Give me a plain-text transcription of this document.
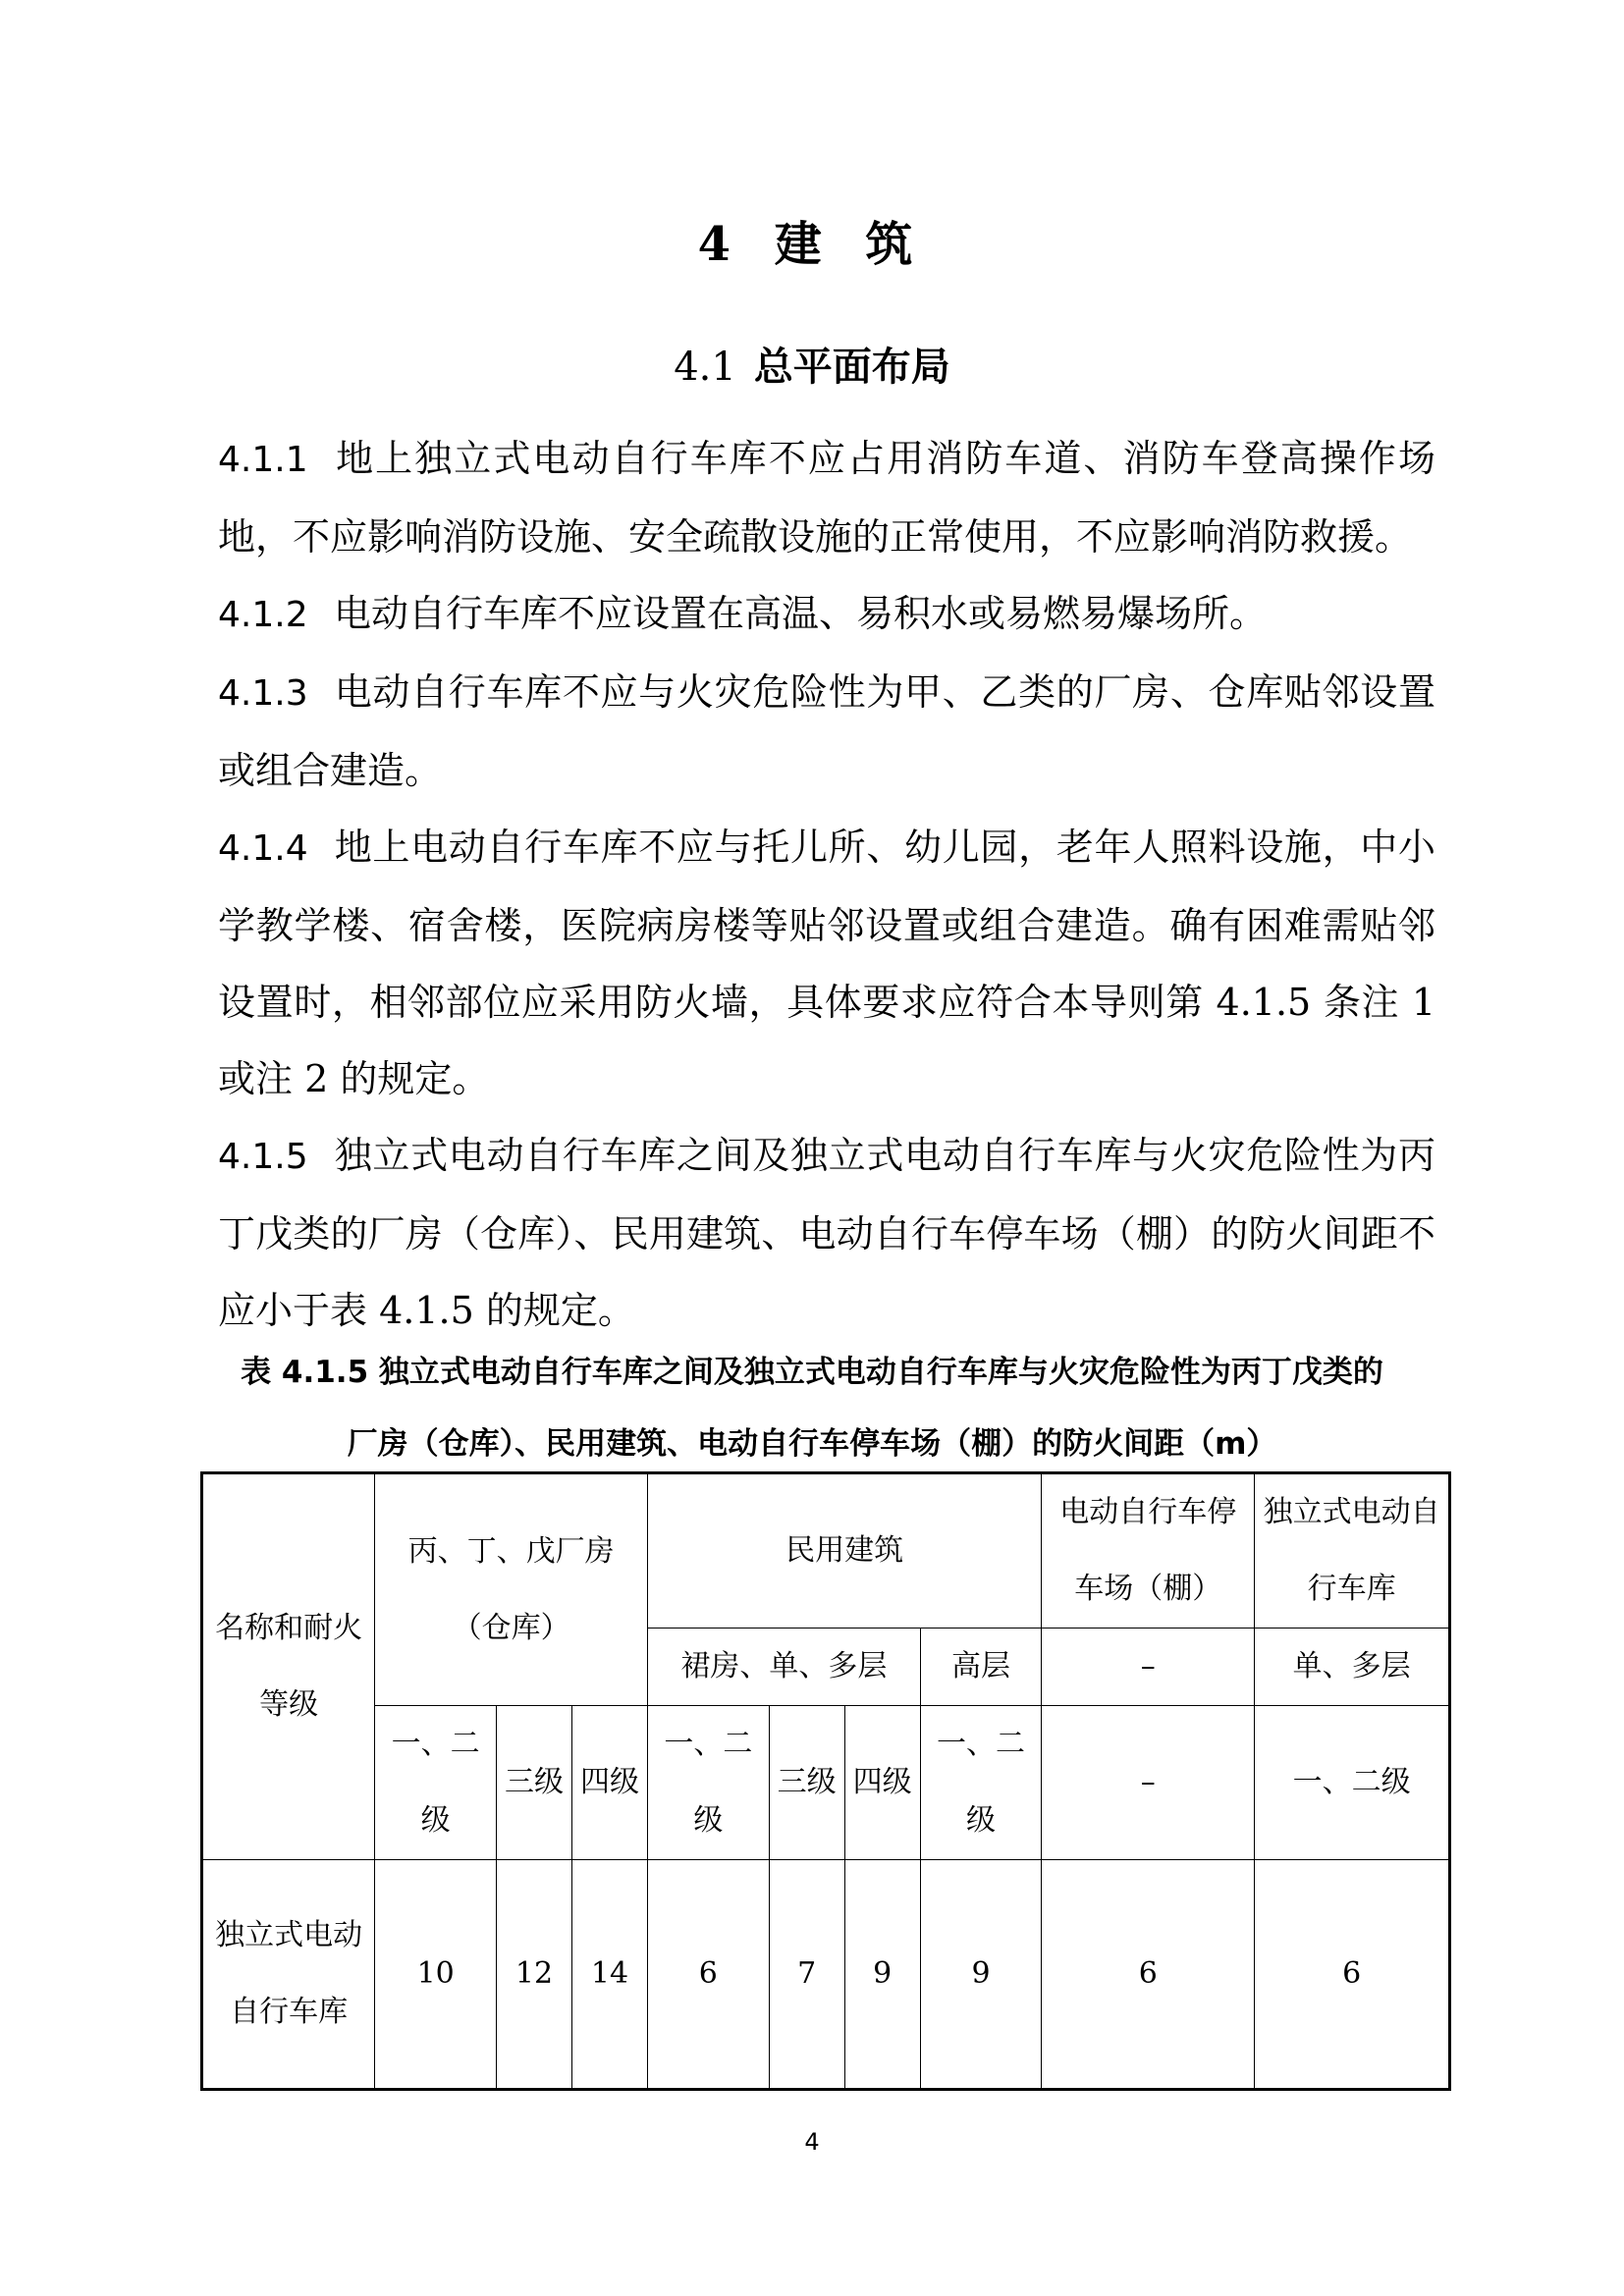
4 建 筑
4.1 总平面布局

4.1.1 地上独立式电动自行车库不应占用消防车道、消防车登高操作场地，不应影响消防设施、安全疏散设施的正常使用，不应影响消防救援。

4.1.2 电动自行车库不应设置在高温、易积水或易燃易爆场所。

4.1.3 电动自行车库不应与火灾危险性为甲、乙类的厂房、仓库贴邻设置或组合建造。

4.1.4 地上电动自行车库不应与托儿所、幼儿园，老年人照料设施，中小学教学楼、宿舍楼，医院病房楼等贴邻设置或组合建造。确有困难需贴邻设置时，相邻部位应采用防火墙，具体要求应符合本导则第 4.1.5 条注 1 或注 2 的规定。

4.1.5 独立式电动自行车库之间及独立式电动自行车库与火灾危险性为丙丁戊类的厂房（仓库）、民用建筑、电动自行车停车场（棚）的防火间距不应小于表 4.1.5 的规定。

表 4.1.5 独立式电动自行车库之间及独立式电动自行车库与火灾危险性为丙丁戊类的

厂房（仓库）、民用建筑、电动自行车停车场（棚）的防火间距（m）

名称和耐火等级	丙、丁、戊厂房（仓库）			民用建筑				电动自行车停车场（棚）	独立式电动自行车库
				裙房、单、多层			高层	–	单、多层
	一、二级	三级	四级	一、二级	三级	四级	一、二级	–	一、二级
独立式电动自行车库	10	12	14	6	7	9	9	6	6

4
